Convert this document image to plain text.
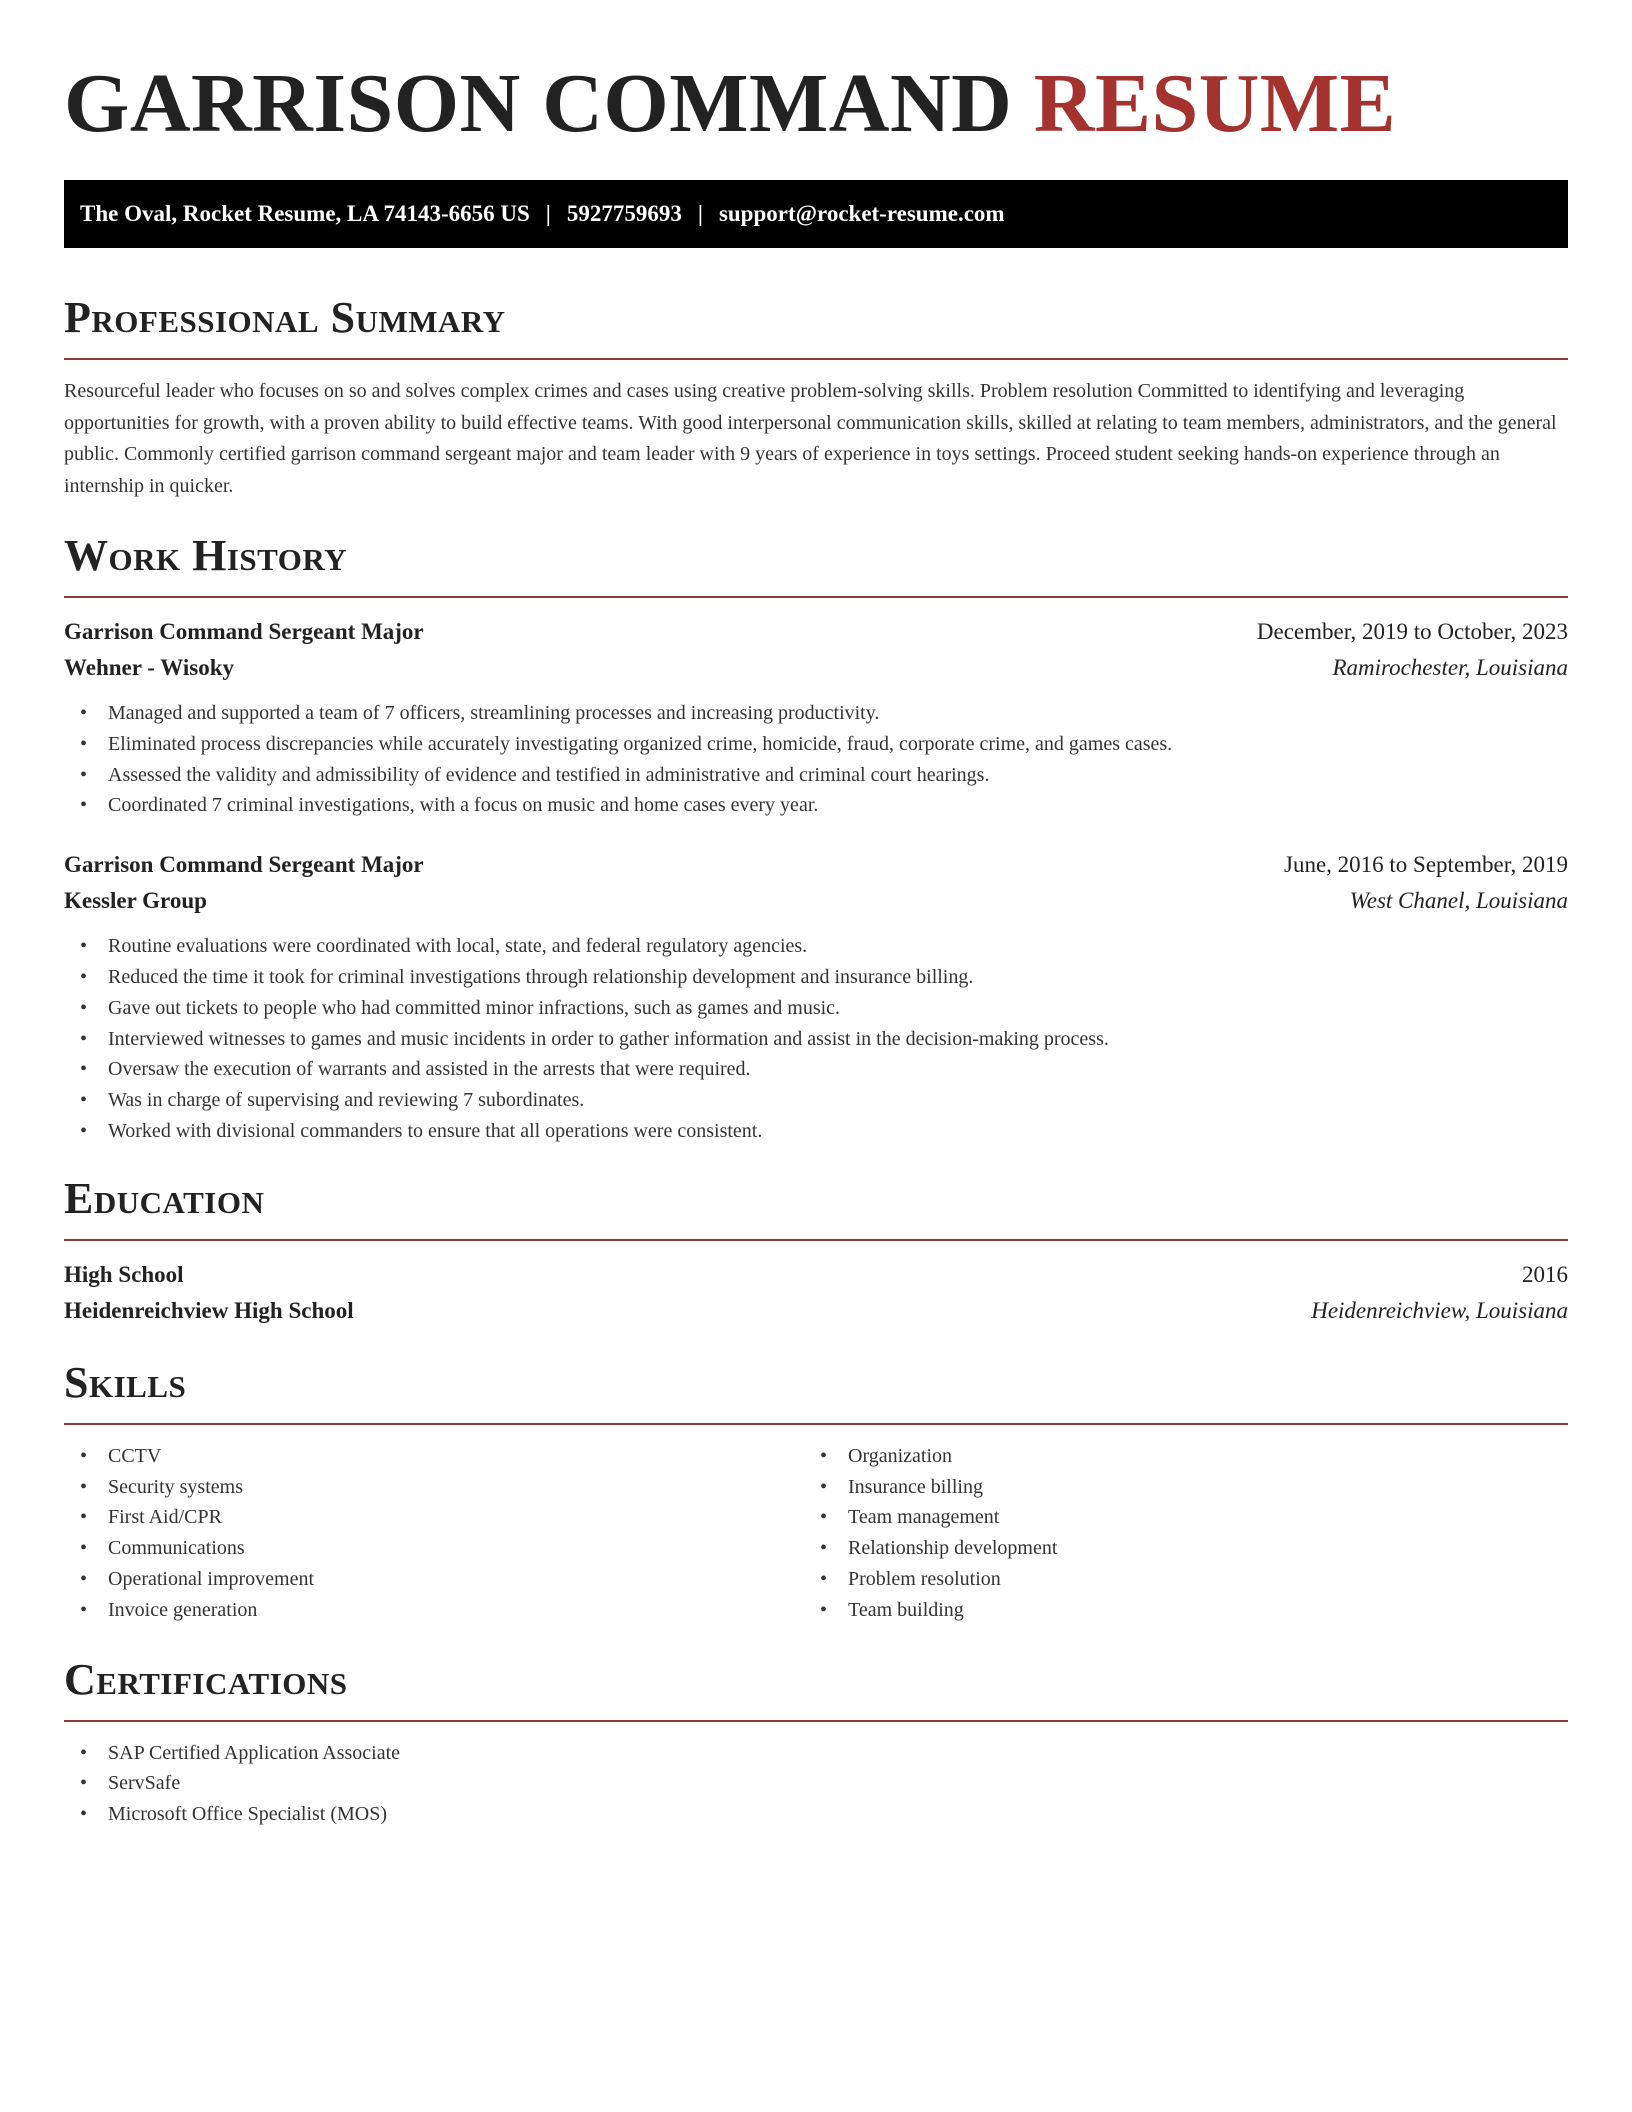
GARRISON COMMAND RESUME
The Oval, Rocket Resume, LA 74143-6656 US | 5927759693 | support@rocket-resume.com
Professional Summary

Resourceful leader who focuses on so and solves complex crimes and cases using creative problem-solving skills. Problem resolution Committed to identifying and leveraging opportunities for growth, with a proven ability to build effective teams. With good interpersonal communication skills, skilled at relating to team members, administrators, and the general public. Commonly certified garrison command sergeant major and team leader with 9 years of experience in toys settings. Proceed student seeking hands-on experience through an internship in quicker.

Work History
Garrison Command Sergeant Major	December, 2019 to October, 2023
Wehner - Wisoky	Ramirochester, Louisiana
• Managed and supported a team of 7 officers, streamlining processes and increasing productivity.
• Eliminated process discrepancies while accurately investigating organized crime, homicide, fraud, corporate crime, and games cases.
• Assessed the validity and admissibility of evidence and testified in administrative and criminal court hearings.
• Coordinated 7 criminal investigations, with a focus on music and home cases every year.
Garrison Command Sergeant Major	June, 2016 to September, 2019
Kessler Group	West Chanel, Louisiana
• Routine evaluations were coordinated with local, state, and federal regulatory agencies.
• Reduced the time it took for criminal investigations through relationship development and insurance billing.
• Gave out tickets to people who had committed minor infractions, such as games and music.
• Interviewed witnesses to games and music incidents in order to gather information and assist in the decision-making process.
• Oversaw the execution of warrants and assisted in the arrests that were required.
• Was in charge of supervising and reviewing 7 subordinates.
• Worked with divisional commanders to ensure that all operations were consistent.
Education
High School	2016
Heidenreichview High School	Heidenreichview, Louisiana
Skills
• CCTV
• Security systems
• First Aid/CPR
• Communications
• Operational improvement
• Invoice generation
• Organization
• Insurance billing
• Team management
• Relationship development
• Problem resolution
• Team building
Certifications
• SAP Certified Application Associate
• ServSafe
• Microsoft Office Specialist (MOS)
